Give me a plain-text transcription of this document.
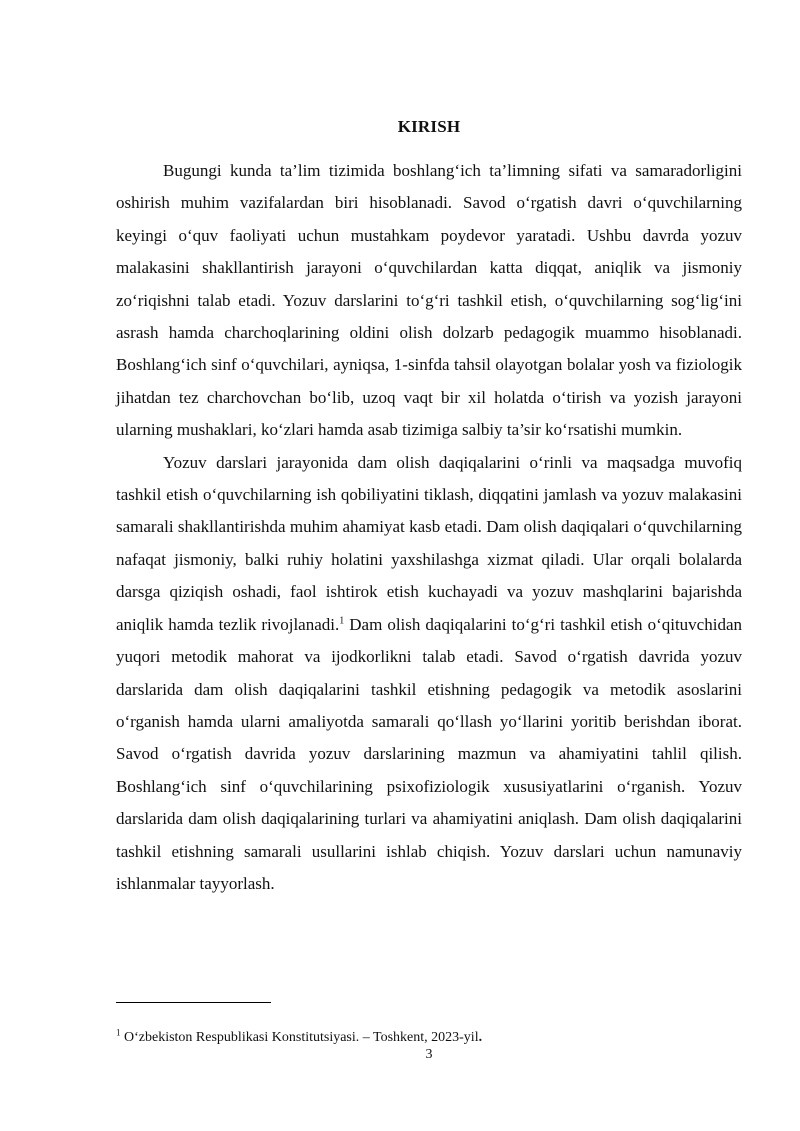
KIRISH

Bugungi kunda ta’lim tizimida boshlang‘ich ta’limning sifati va samaradorligini oshirish muhim vazifalardan biri hisoblanadi. Savod o‘rgatish davri o‘quvchilarning keyingi o‘quv faoliyati uchun mustahkam poydevor yaratadi. Ushbu davrda yozuv malakasini shakllantirish jarayoni o‘quvchilardan katta diqqat, aniqlik va jismoniy zo‘riqishni talab etadi. Yozuv darslarini to‘g‘ri tashkil etish, o‘quvchilarning sog‘lig‘ini asrash hamda charchoqlarining oldini olish dolzarb pedagogik muammo hisoblanadi. Boshlang‘ich sinf o‘quvchilari, ayniqsa, 1-sinfda tahsil olayotgan bolalar yosh va fiziologik jihatdan tez charchovchan bo‘lib, uzoq vaqt bir xil holatda o‘tirish va yozish jarayoni ularning mushaklari, ko‘zlari hamda asab tizimiga salbiy ta’sir ko‘rsatishi mumkin.

Yozuv darslari jarayonida dam olish daqiqalarini o‘rinli va maqsadga muvofiq tashkil etish o‘quvchilarning ish qobiliyatini tiklash, diqqatini jamlash va yozuv malakasini samarali shakllantirishda muhim ahamiyat kasb etadi. Dam olish daqiqalari o‘quvchilarning nafaqat jismoniy, balki ruhiy holatini yaxshilashga xizmat qiladi. Ular orqali bolalarda darsga qiziqish oshadi, faol ishtirok etish kuchayadi va yozuv mashqlarini bajarishda aniqlik hamda tezlik rivojlanadi.$^1$ Dam olish daqiqalarini to‘g‘ri tashkil etish o‘qituvchidan yuqori metodik mahorat va ijodkorlikni talab etadi. Savod o‘rgatish davrida yozuv darslarida dam olish daqiqalarini tashkil etishning pedagogik va metodik asoslarini o‘rganish hamda ularni amaliyotda samarali qo‘llash yo‘llarini yoritib berishdan iborat. Savod o‘rgatish davrida yozuv darslarining mazmun va ahamiyatini tahlil qilish. Boshlang‘ich sinf o‘quvchilarining psixofiziologik xususiyatlarini o‘rganish. Yozuv darslarida dam olish daqiqalarining turlari va ahamiyatini aniqlash. Dam olish daqiqalarini tashkil etishning samarali usullarini ishlab chiqish. Yozuv darslari uchun namunaviy ishlanmalar tayyorlash.

$^1$ O‘zbekiston Respublikasi Konstitutsiyasi. – Toshkent, 2023-yil.
3
